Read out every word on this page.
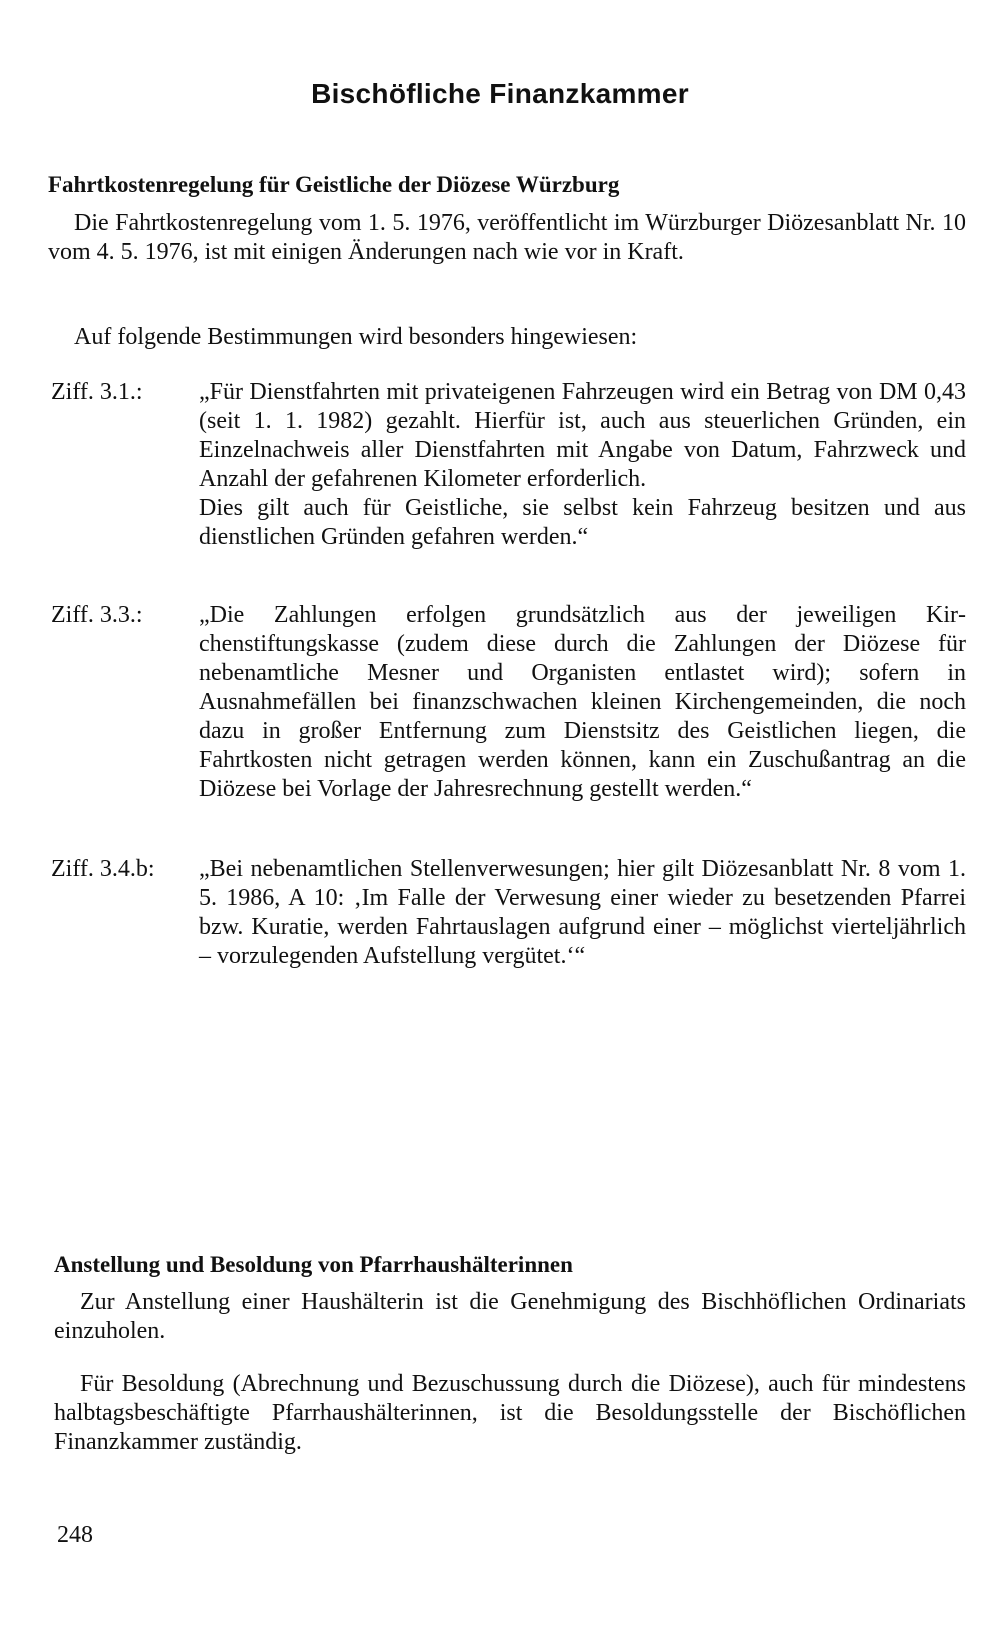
Bischöfliche Finanzkammer
Fahrtkostenregelung für Geistliche der Diözese Würzburg
Die Fahrtkostenregelung vom 1. 5. 1976, veröffentlicht im Würzburger Diözesanblatt Nr. 10 vom 4. 5. 1976, ist mit einigen Änderungen nach wie vor in Kraft.
Auf folgende Bestimmungen wird besonders hingewiesen:
Ziff. 3.1.: „Für Dienstfahrten mit privateigenen Fahrzeugen wird ein Betrag von DM 0,43 (seit 1. 1. 1982) gezahlt. Hierfür ist, auch aus steuerlichen Gründen, ein Einzelnachweis aller Dienstfahrten mit Angabe von Datum, Fahrzweck und Anzahl der gefahrenen Kilometer erforderlich.

Dies gilt auch für Geistliche, sie selbst kein Fahrzeug besitzen und aus dienstlichen Gründen gefahren werden.“

Ziff. 3.3.: „Die Zahlungen erfolgen grundsätzlich aus der jeweiligen Kirchenstiftungskasse (zudem diese durch die Zahlungen der Diözese für nebenamtliche Mesner und Organisten entlastet wird); sofern in Ausnahmefällen bei finanzschwachen kleinen Kirchengemeinden, die noch dazu in großer Entfernung zum Dienstsitz des Geistlichen liegen, die Fahrtkosten nicht getragen werden können, kann ein Zuschußantrag an die Diözese bei Vorlage der Jahresrechnung gestellt werden.“

Ziff. 3.4.b: „Bei nebenamtlichen Stellenverwesungen; hier gilt Diözesanblatt Nr. 8 vom 1. 5. 1986, A 10: ‚Im Falle der Verwesung einer wieder zu besetzenden Pfarrei bzw. Kuratie, werden Fahrtauslagen aufgrund einer – möglichst vierteljährlich – vorzulegenden Aufstellung vergütet.‘“

Anstellung und Besoldung von Pfarrhaushälterinnen
Zur Anstellung einer Haushälterin ist die Genehmigung des Bischhöflichen Ordinariats einzuholen.
Für Besoldung (Abrechnung und Bezuschussung durch die Diözese), auch für mindestens halbtagsbeschäftigte Pfarrhaushälterinnen, ist die Besoldungsstelle der Bischöflichen Finanzkammer zuständig.
248
